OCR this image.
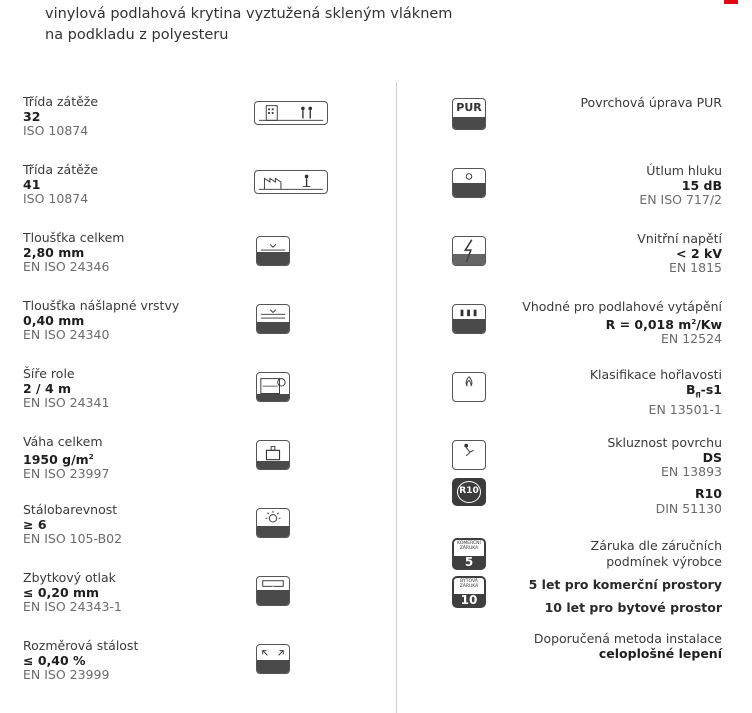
vinylová podlahová krytina vyztužená skleným vláknem
na podkladu z polyesteru
Třída zátěže
32
ISO 10874
Třída zátěže
41
ISO 10874
Tloušťka celkem
2,80 mm
EN ISO 24346
Tloušťka nášlapné vrstvy
0,40 mm
EN ISO 24340
Šíře role
2 / 4 m
EN ISO 24341
Váha celkem
1950 $g/m^2$
EN ISO 23997
Stálobarevnost
≥ 6
EN ISO 105-B02
Zbytkový otlak
≤ 0,20 mm
EN ISO 24343-1
Rozměrová stálost
≤ 0,40 %
EN ISO 23999
PUR
Bfl-s1
DS
R10
KOMERČNÍ ZÁRUKA
5
BYTOVÁ ZÁRUKA
10
Povrchová úprava PUR
Útlum hluku
15 dB
EN ISO 717/2
Vnitřní napětí
< 2 kV
EN 1815
Vhodné pro podlahové vytápění
R = 0,018 $m^2/Kw$
EN 12524
Klasifikace hořlavosti
$B_{fl}-s1$
EN 13501-1
Skluznost povrchu
DS
EN 13893
R10
DIN 51130
Záruka dle záručních
podmínek výrobce
5 let pro komerční prostory
10 let pro bytové prostor
Doporučená metoda instalace
celoplošné lepení
